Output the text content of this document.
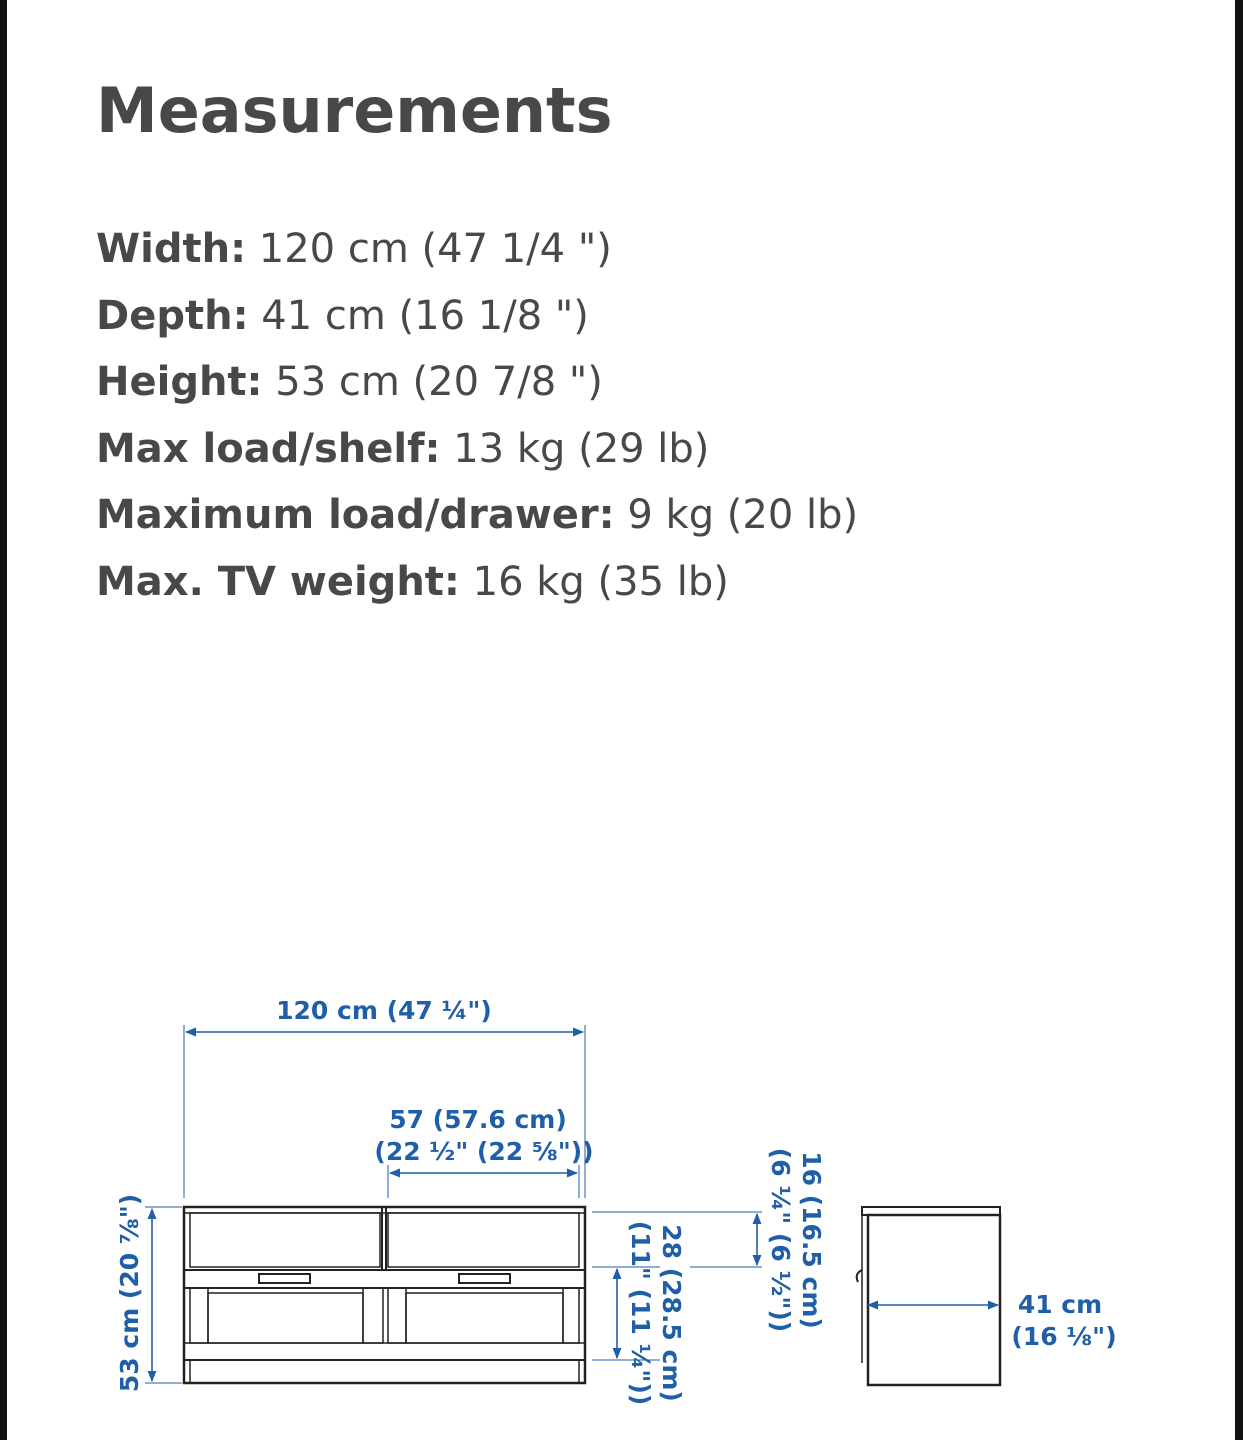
Measurements
Width: 120 cm (47 1/4 ")
Depth: 41 cm (16 1/8 ")
Height: 53 cm (20 7/8 ")
Max load/shelf: 13 kg (29 lb)
Maximum load/drawer: 9 kg (20 lb)
Max. TV weight: 16 kg (35 lb)
120 cm (47 ¼")
57 (57.6 cm)
(22 ½" (22 ⅝"))
53 cm (20 ⅞")	28 (28.5 cm)
(11" (11 ¼"))	16 (16.5 cm)
(6 ¼" (6 ½"))	41 cm
(16 ⅛")
